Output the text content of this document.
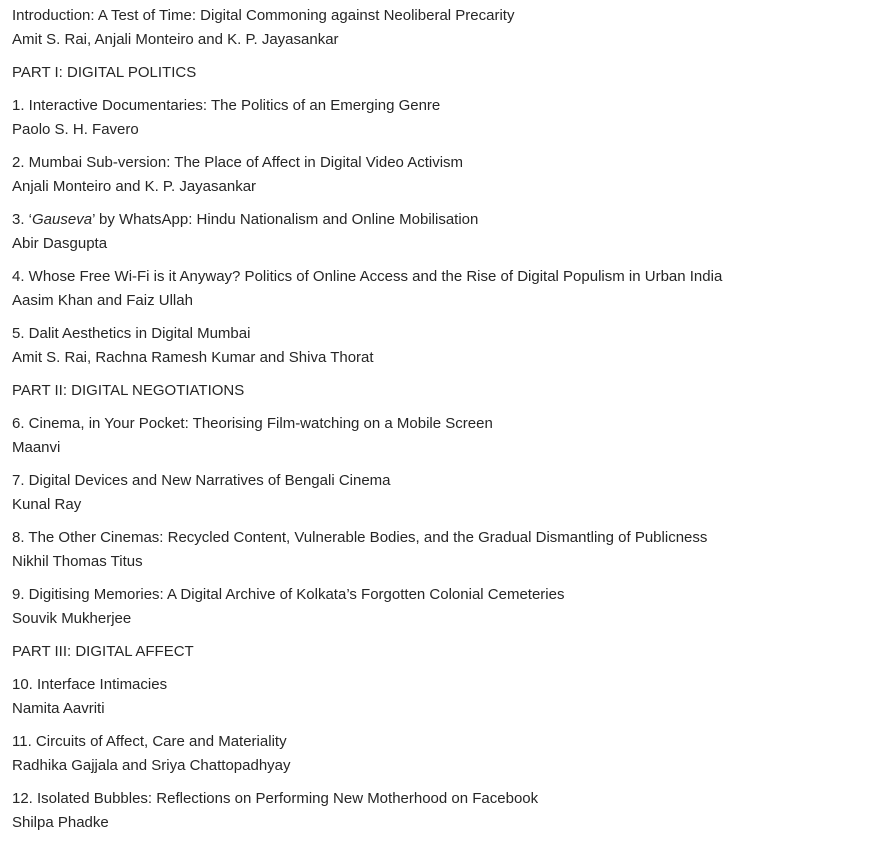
Introduction: A Test of Time: Digital Commoning against Neoliberal Precarity
Amit S. Rai, Anjali Monteiro and K. P. Jayasankar
PART I: DIGITAL POLITICS
1. Interactive Documentaries: The Politics of an Emerging Genre
Paolo S. H. Favero
2. Mumbai Sub-version: The Place of Affect in Digital Video Activism
Anjali Monteiro and K. P. Jayasankar
3. ‘Gauseva’ by WhatsApp: Hindu Nationalism and Online Mobilisation
Abir Dasgupta
4. Whose Free Wi-Fi is it Anyway? Politics of Online Access and the Rise of Digital Populism in Urban India
Aasim Khan and Faiz Ullah
5. Dalit Aesthetics in Digital Mumbai
Amit S. Rai, Rachna Ramesh Kumar and Shiva Thorat
PART II: DIGITAL NEGOTIATIONS
6. Cinema, in Your Pocket: Theorising Film-watching on a Mobile Screen
Maanvi
7. Digital Devices and New Narratives of Bengali Cinema
Kunal Ray
8. The Other Cinemas: Recycled Content, Vulnerable Bodies, and the Gradual Dismantling of Publicness
Nikhil Thomas Titus
9. Digitising Memories: A Digital Archive of Kolkata’s Forgotten Colonial Cemeteries
Souvik Mukherjee
PART III: DIGITAL AFFECT
10. Interface Intimacies
Namita Aavriti
11. Circuits of Affect, Care and Materiality
Radhika Gajjala and Sriya Chattopadhyay
12. Isolated Bubbles: Reflections on Performing New Motherhood on Facebook
Shilpa Phadke
